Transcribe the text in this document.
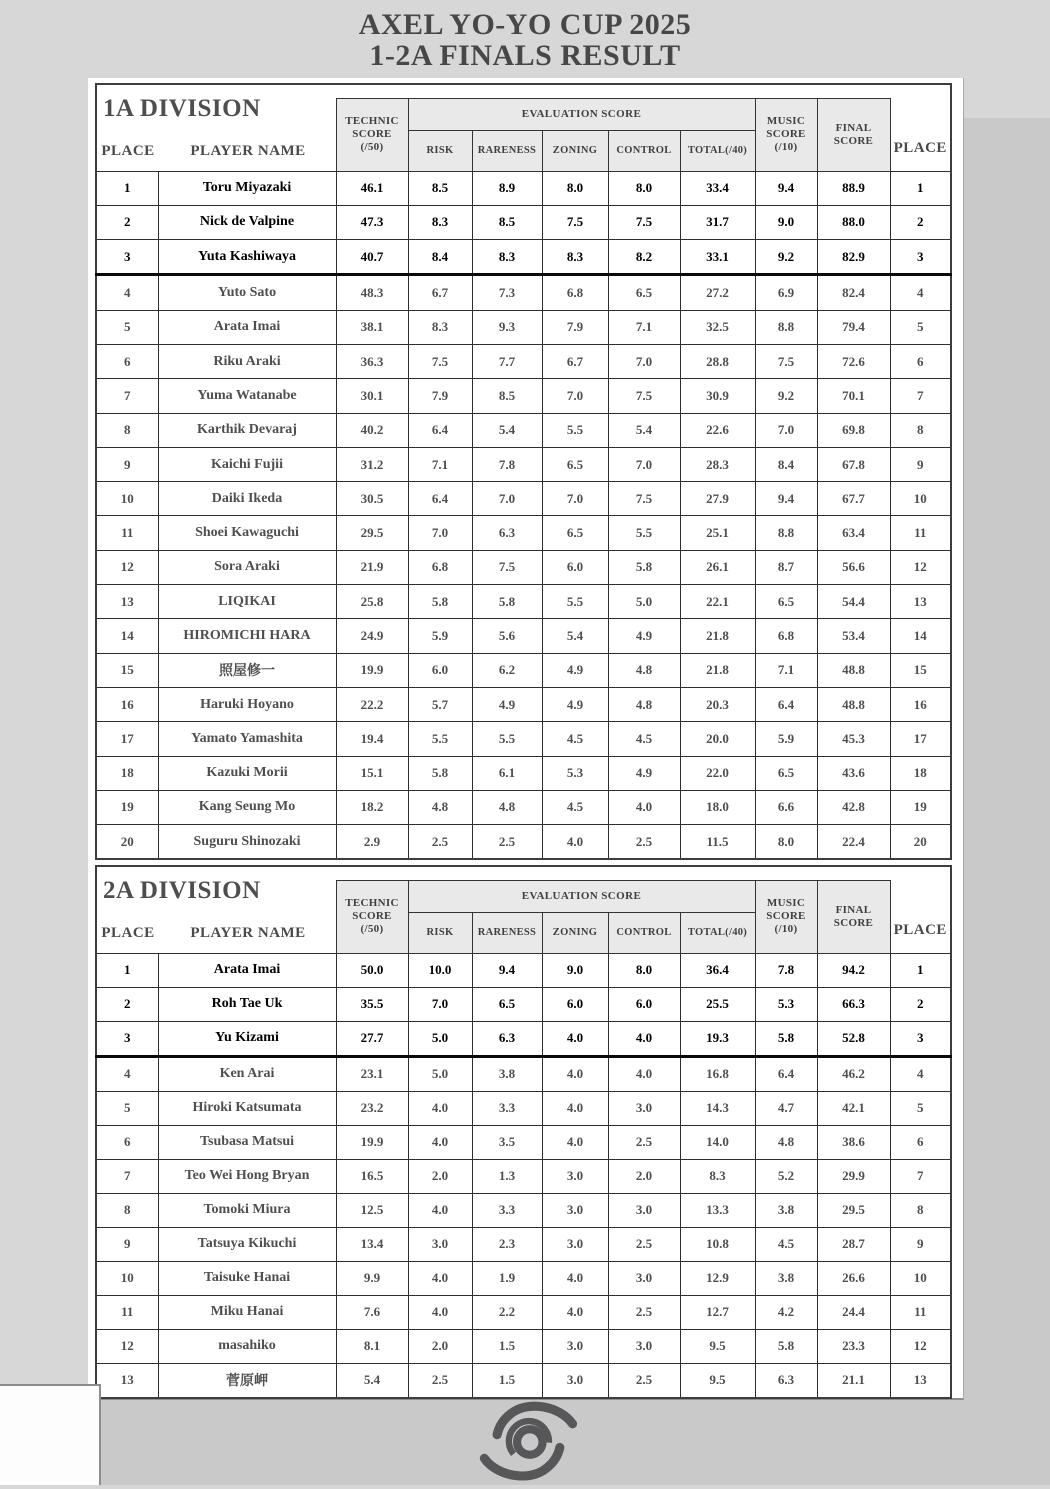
AXEL YO-YO CUP 2025
1-2A FINALS RESULT
1A DIVISION
PLACE PLAYER NAME										

TECHNIC SCORE
(/50)
	EVALUATION SCORE	
MUSIC SCORE
(/10)

FINAL SCORE	PLACE

			RISK	RARENESS	ZONING	CONTROL	TOTAL(/40)			
1	Toru Miyazaki	46.1	8.5	8.9	8.0	8.0	33.4	9.4	88.9	1
2	Nick de Valpine	47.3	8.3	8.5	7.5	7.5	31.7	9.0	88.0	2
3	Yuta Kashiwaya	40.7	8.4	8.3	8.3	8.2	33.1	9.2	82.9	3
4	Yuto Sato	48.3	6.7	7.3	6.8	6.5	27.2	6.9	82.4	4
5	Arata Imai	38.1	8.3	9.3	7.9	7.1	32.5	8.8	79.4	5
6	Riku Araki	36.3	7.5	7.7	6.7	7.0	28.8	7.5	72.6	6
7	Yuma Watanabe	30.1	7.9	8.5	7.0	7.5	30.9	9.2	70.1	7
8	Karthik Devaraj	40.2	6.4	5.4	5.5	5.4	22.6	7.0	69.8	8
9	Kaichi Fujii	31.2	7.1	7.8	6.5	7.0	28.3	8.4	67.8	9
10	Daiki Ikeda	30.5	6.4	7.0	7.0	7.5	27.9	9.4	67.7	10
11	Shoei Kawaguchi	29.5	7.0	6.3	6.5	5.5	25.1	8.8	63.4	11
12	Sora Araki	21.9	6.8	7.5	6.0	5.8	26.1	8.7	56.6	12
13	LIQIKAI	25.8	5.8	5.8	5.5	5.0	22.1	6.5	54.4	13
14	HIROMICHI HARA	24.9	5.9	5.6	5.4	4.9	21.8	6.8	53.4	14
15	照屋修一	19.9	6.0	6.2	4.9	4.8	21.8	7.1	48.8	15
16	Haruki Hoyano	22.2	5.7	4.9	4.9	4.8	20.3	6.4	48.8	16
17	Yamato Yamashita	19.4	5.5	5.5	4.5	4.5	20.0	5.9	45.3	17
18	Kazuki Morii	15.1	5.8	6.1	5.3	4.9	22.0	6.5	43.6	18
19	Kang Seung Mo	18.2	4.8	4.8	4.5	4.0	18.0	6.6	42.8	19
20	Suguru Shinozaki	2.9	2.5	2.5	4.0	2.5	11.5	8.0	22.4	20
2A DIVISION
PLACE PLAYER NAME										

TECHNIC SCORE
(/50)
	EVALUATION SCORE	
MUSIC SCORE
(/10)

FINAL SCORE	PLACE

			RISK	RARENESS	ZONING	CONTROL	TOTAL(/40)			
1	Arata Imai	50.0	10.0	9.4	9.0	8.0	36.4	7.8	94.2	1
2	Roh Tae Uk	35.5	7.0	6.5	6.0	6.0	25.5	5.3	66.3	2
3	Yu Kizami	27.7	5.0	6.3	4.0	4.0	19.3	5.8	52.8	3
4	Ken Arai	23.1	5.0	3.8	4.0	4.0	16.8	6.4	46.2	4
5	Hiroki Katsumata	23.2	4.0	3.3	4.0	3.0	14.3	4.7	42.1	5
6	Tsubasa Matsui	19.9	4.0	3.5	4.0	2.5	14.0	4.8	38.6	6
7	Teo Wei Hong Bryan	16.5	2.0	1.3	3.0	2.0	8.3	5.2	29.9	7
8	Tomoki Miura	12.5	4.0	3.3	3.0	3.0	13.3	3.8	29.5	8
9	Tatsuya Kikuchi	13.4	3.0	2.3	3.0	2.5	10.8	4.5	28.7	9
10	Taisuke Hanai	9.9	4.0	1.9	4.0	3.0	12.9	3.8	26.6	10
11	Miku Hanai	7.6	4.0	2.2	4.0	2.5	12.7	4.2	24.4	11
12	masahiko	8.1	2.0	1.5	3.0	3.0	9.5	5.8	23.3	12
13	菅原岬	5.4	2.5	1.5	3.0	2.5	9.5	6.3	21.1	13
